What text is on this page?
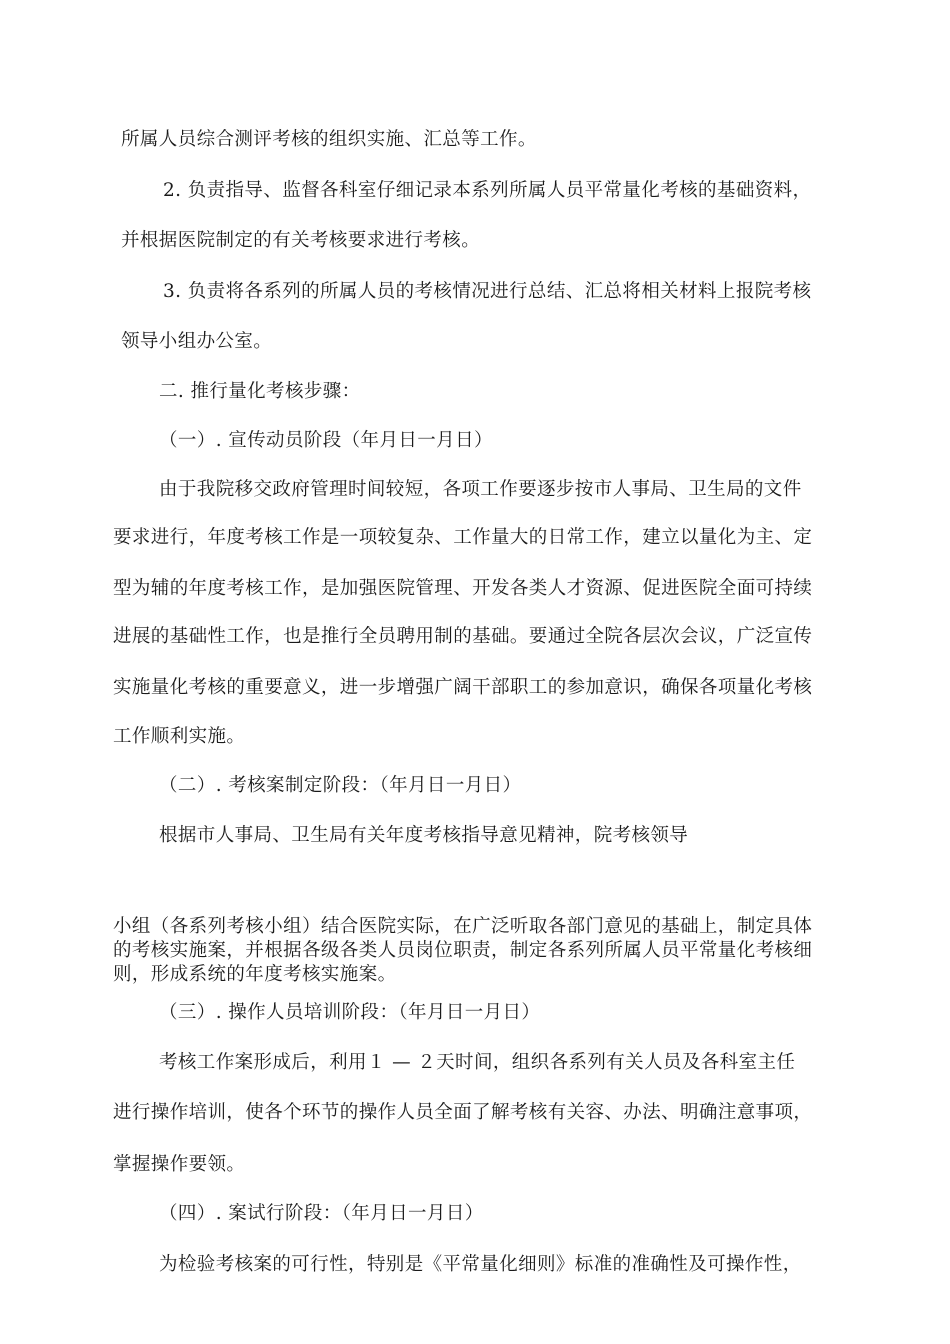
所属人员综合测评考核的组织实施、汇总等工作。
2. 负责指导、监督各科室仔细记录本系列所属人员平常量化考核的基础资料，
并根据医院制定的有关考核要求进行考核。
3. 负责将各系列的所属人员的考核情况进行总结、汇总将相关材料上报院考核
领导小组办公室。
二. 推行量化考核步骤：
（一）. 宣传动员阶段（年月日一月日）
由于我院移交政府管理时间较短，各项工作要逐步按市人事局、卫生局的文件
要求进行，年度考核工作是一项较复杂、工作量大的日常工作，建立以量化为主、定
型为辅的年度考核工作，是加强医院管理、开发各类人才资源、促进医院全面可持续
进展的基础性工作，也是推行全员聘用制的基础。要通过全院各层次会议，广泛宣传
实施量化考核的重要意义，进一步增强广阔干部职工的参加意识，确保各项量化考核
工作顺利实施。
（二）. 考核案制定阶段：（年月日一月日）
根据市人事局、卫生局有关年度考核指导意见精神，院考核领导
小组（各系列考核小组）结合医院实际，在广泛听取各部门意见的基础上，制定具体的考核实施案，并根据各级各类人员岗位职责，制定各系列所属人员平常量化考核细则，形成系统的年度考核实施案。
（三）. 操作人员培训阶段：（年月日一月日）
考核工作案形成后，利用１ — ２天时间，组织各系列有关人员及各科室主任
进行操作培训，使各个环节的操作人员全面了解考核有关容、办法、明确注意事项，
掌握操作要领。
（四）. 案试行阶段：（年月日一月日）
为检验考核案的可行性，特别是《平常量化细则》标准的准确性及可操作性，
